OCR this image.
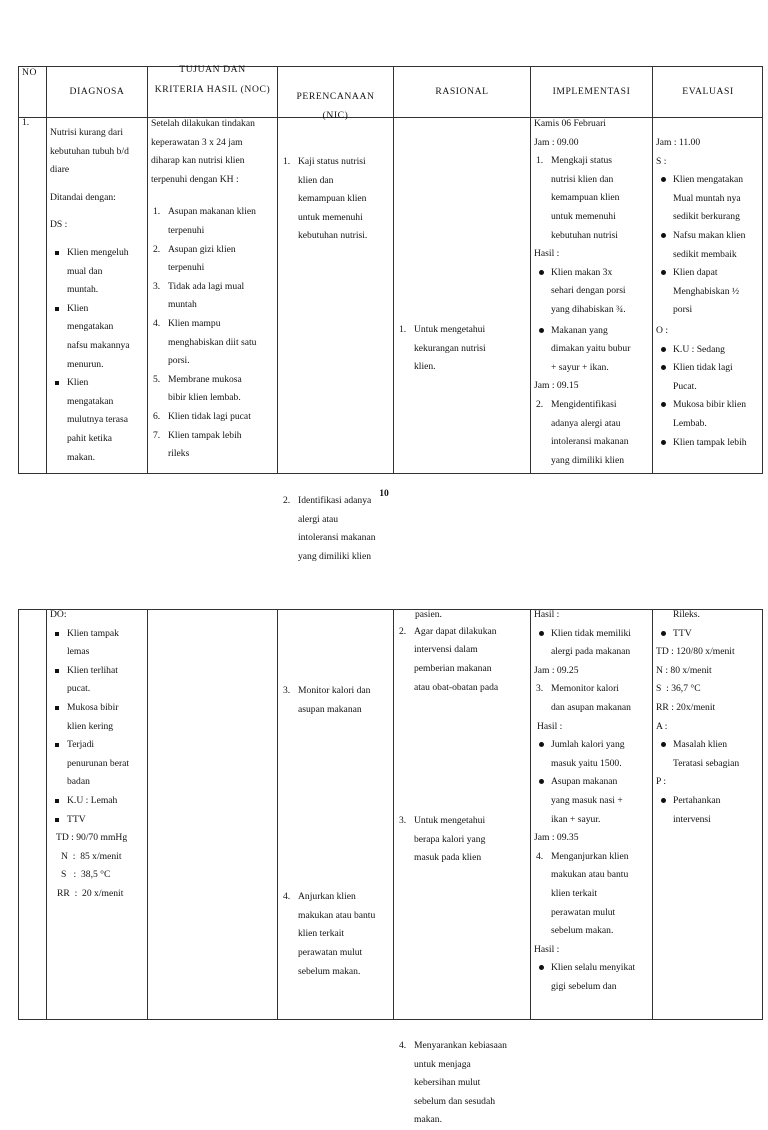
NO
DIAGNOSA
TUJUAN DAN
KRITERIA HASIL (NOC)
PERENCANAAN
(NIC)
RASIONAL	IMPLEMENTASI	EVALUASI
1.

Nutrisi kurang dari

kebutuhan tubuh b/d

diare

Ditandai dengan:

DS :

Klien mengeluh
mual dan
muntah.
Klien
mengatakan
nafsu makannya
menurun.
Klien
mengatakan
mulutnya terasa
pahit ketika
makan.

Setelah dilakukan tindakan

keperawatan 3 x 24 jam

diharap kan nutrisi klien

terpenuhi dengan KH :

1. Asupan makanan klien
terpenuhi
2. Asupan gizi klien
terpenuhi
3. Tidak ada lagi mual
muntah
4. Klien mampu
menghabiskan diit satu
porsi.
5. Membrane mukosa
bibir klien lembab.
6. Klien tidak lagi pucat
7. Klien tampak lebih
rileks
1. Kaji status nutrisi
klien dan
kemampuan klien
untuk memenuhi
kebutuhan nutrisi.
2. Identifikasi adanya
alergi atau
intoleransi makanan
yang dimiliki klien
1. Untuk mengetahui
kekurangan nutrisi
klien.
2. Agar dapat dilakukan
intervensi dalam
pemberian makanan
atau obat-obatan pada

Kamis 06 Februari

Jam : 09.00

1. Mengkaji status
nutrisi klien dan
kemampuan klien
untuk memenuhi
kebutuhan nutrisi

Hasil :

Klien makan 3x
sehari dengan porsi
yang dihabiskan ¾.
Makanan yang
dimakan yaitu bubur
+ sayur + ikan.

Jam : 09.15

2. Mengidentifikasi
adanya alergi atau
intoleransi makanan
yang dimiliki klien

Jam : 11.00

S :

Klien mengatakan
Mual muntah nya
sedikit berkurang
Nafsu makan klien
sedikit membaik
Klien dapat
Menghabiskan ½
porsi

O :

K.U : Sedang
Klien tidak lagi
Pucat.
Mukosa bibir klien
Lembab.
Klien tampak lebih
10

DO:

Klien tampak
lemas
Klien terlihat
pucat.
Mukosa bibir
klien kering
Terjadi
penurunan berat
badan
K.U : Lemah
TTV
TD : 90/70 mmHg
N  :  85 x/menit
S   :  38,5 °C
RR  :  20 x/menit
3. Monitor kalori dan
asupan makanan
4. Anjurkan klien
makukan atau bantu
klien terkait
perawatan mulut
sebelum makan.
pasien.
3. Untuk mengetahui
berapa kalori yang
masuk pada klien
4. Menyarankan kebiasaan
untuk menjaga
kebersihan mulut
sebelum dan sesudah
makan.

Hasil :

Klien tidak memiliki
alergi pada makanan

Jam : 09.25

3. Memonitor kalori
dan asupan makanan

Hasil :

Jumlah kalori yang
masuk yaitu 1500.
Asupan makanan
yang masuk nasi +
ikan + sayur.

Jam : 09.35

4. Menganjurkan klien
makukan atau bantu
klien terkait
perawatan mulut
sebelum makan.

Hasil :

Klien selalu menyikat
gigi sebelum dan

Rileks.

TTV

TD : 120/80 x/menit

N : 80 x/menit

S  : 36,7 °C

RR : 20x/menit

A :

Masalah klien
Teratasi sebagian

P :

Pertahankan
intervensi
